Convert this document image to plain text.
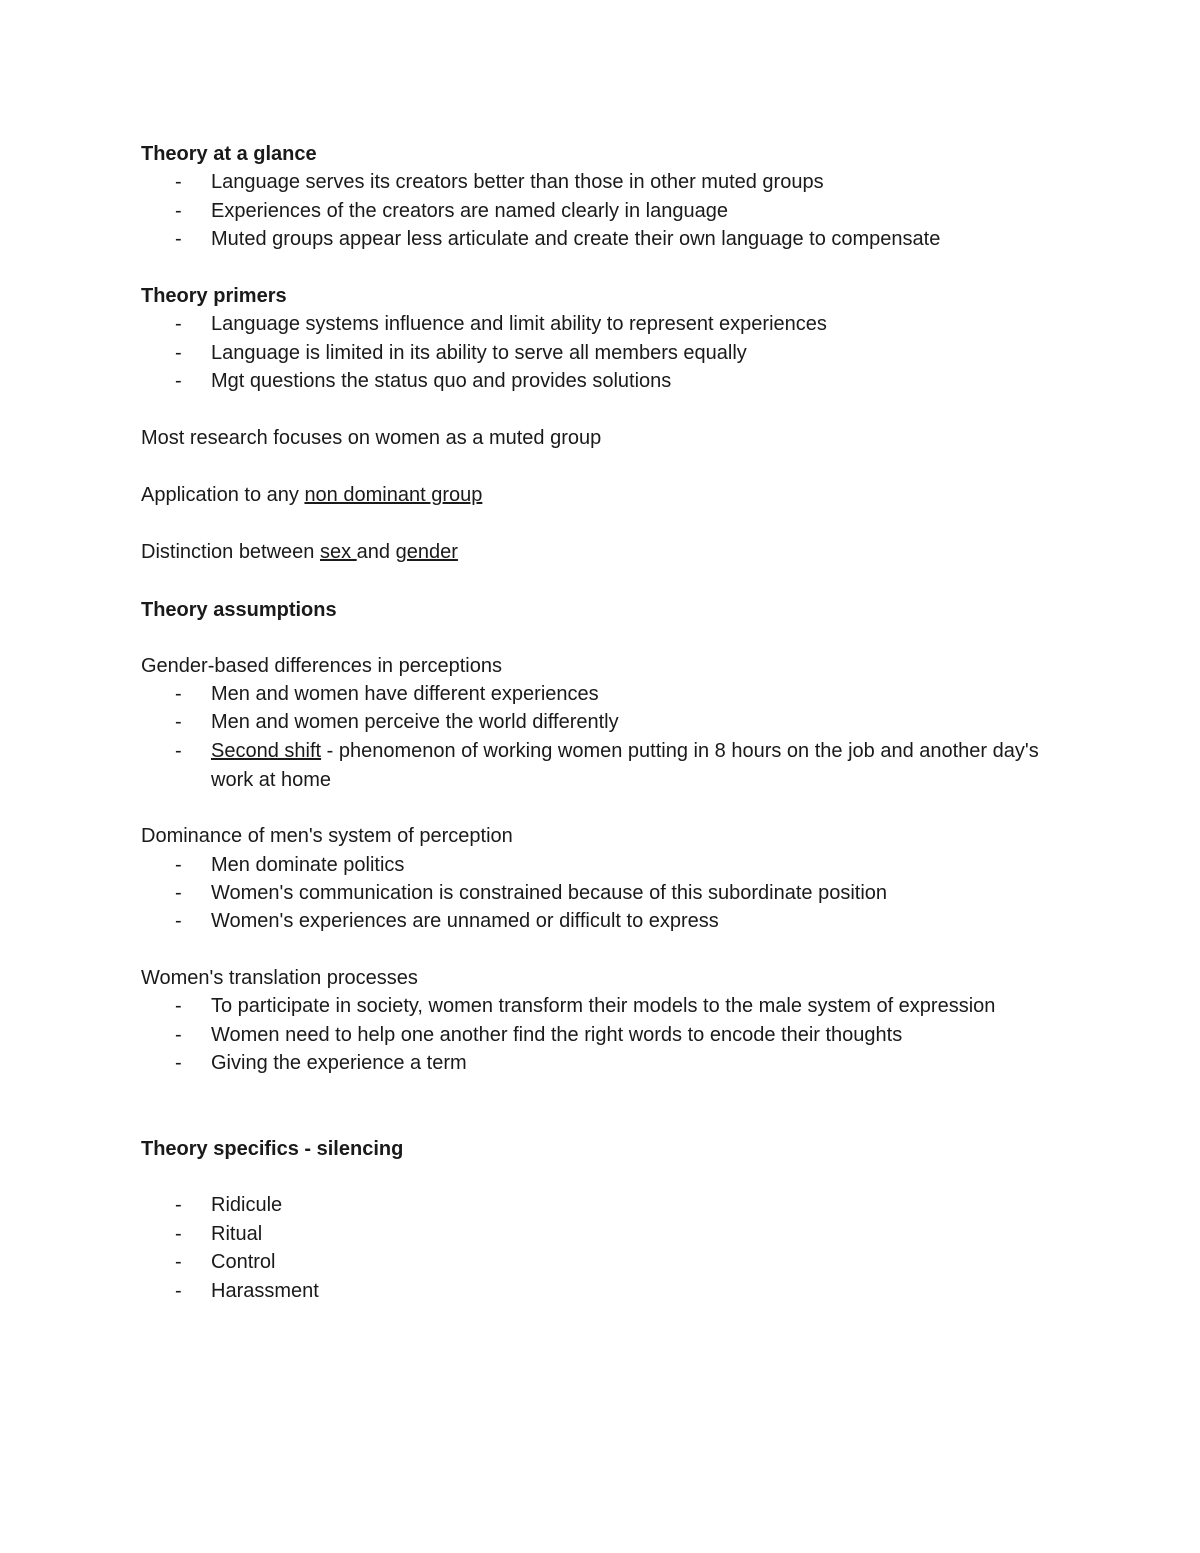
Theory at a glance
- Language serves its creators better than those in other muted groups
- Experiences of the creators are named clearly in language
- Muted groups appear less articulate and create their own language to compensate
Theory primers
- Language systems influence and limit ability to represent experiences
- Language is limited in its ability to serve all members equally
- Mgt questions the status quo and provides solutions
Most research focuses on women as a muted group
Application to any non dominant group
Distinction between sex and gender
Theory assumptions
Gender-based differences in perceptions
- Men and women have different experiences
- Men and women perceive the world differently
- Second shift - phenomenon of working women putting in 8 hours on the job and another day's work at home
Dominance of men's system of perception
- Men dominate politics
- Women's communication is constrained because of this subordinate position
- Women's experiences are unnamed or difficult to express
Women's translation processes
- To participate in society, women transform their models to the male system of expression
- Women need to help one another find the right words to encode their thoughts
- Giving the experience a term
Theory specifics - silencing
- Ridicule
- Ritual
- Control
- Harassment
